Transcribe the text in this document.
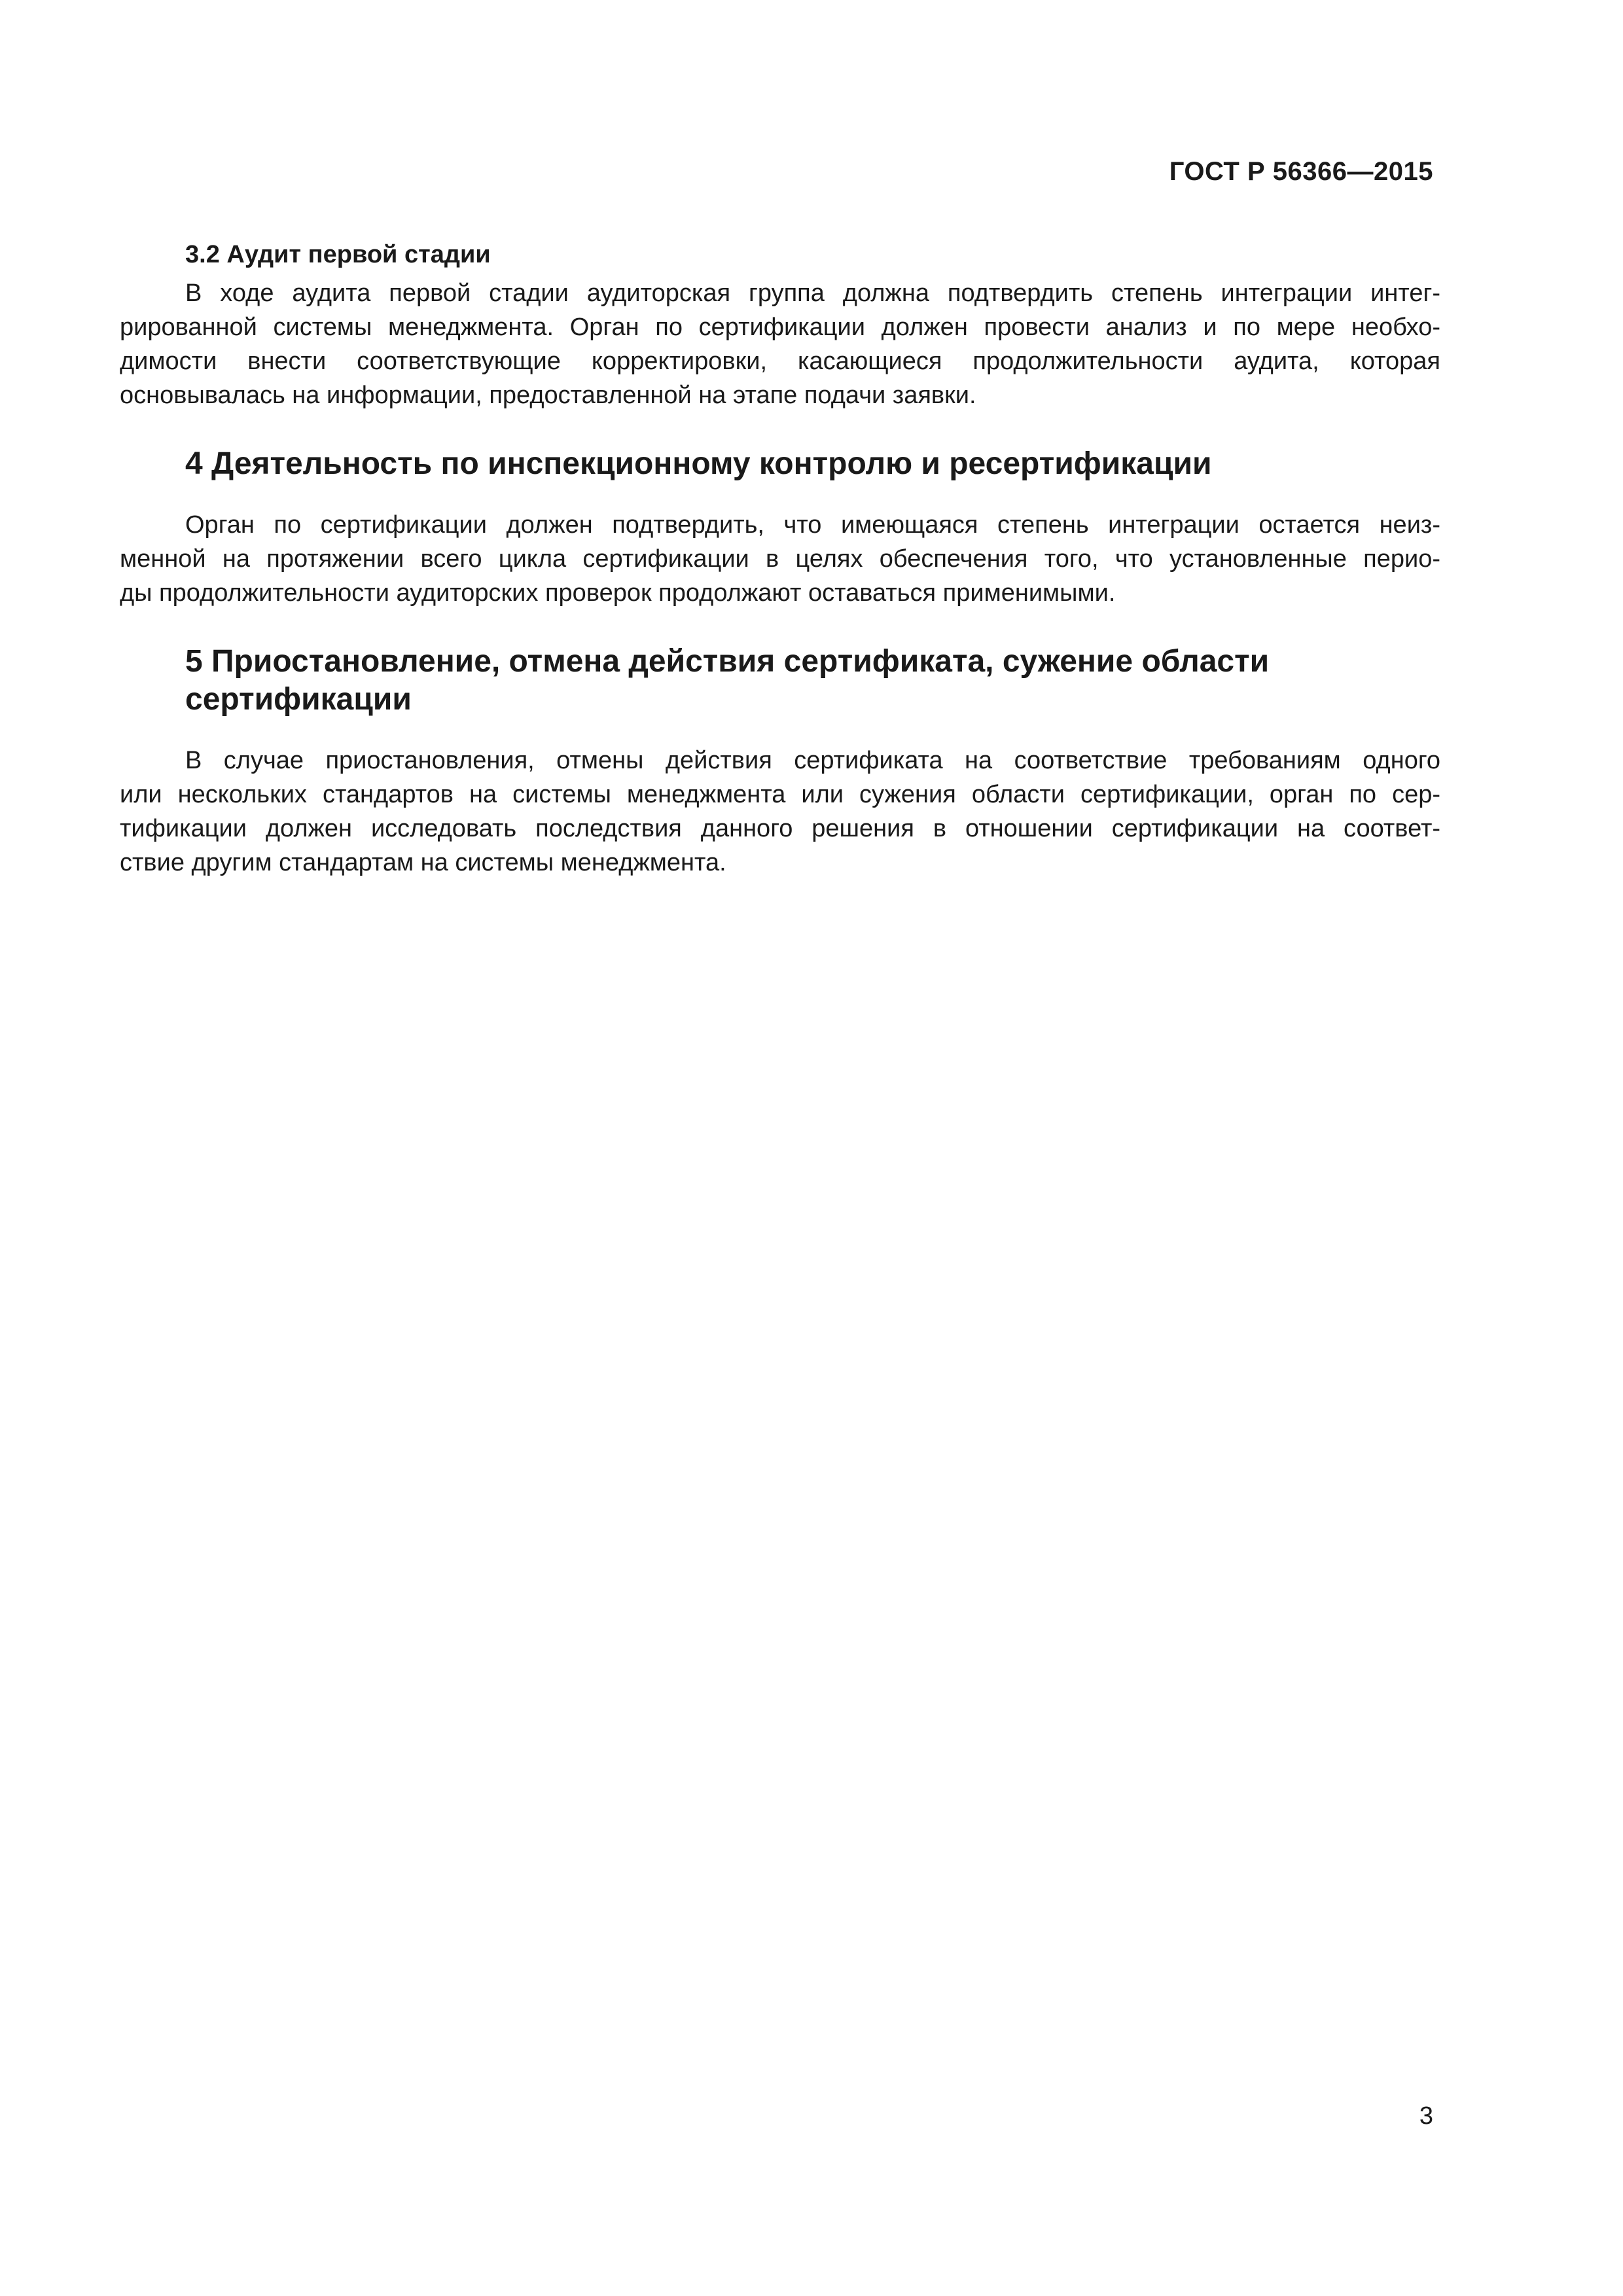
ГОСТ Р 56366—2015
3.2 Аудит первой стадии

В ходе аудита первой стадии аудиторская группа должна подтвердить степень интеграции интег-
рированной системы менеджмента. Орган по сертификации должен провести анализ и по мере необхо-
димости внести соответствующие корректировки, касающиеся продолжительности аудита, которая
основывалась на информации, предоставленной на этапе подачи заявки.

4 Деятельность по инспекционному контролю и ресертификации

Орган по сертификации должен подтвердить, что имеющаяся степень интеграции остается неиз-
менной на протяжении всего цикла сертификации в целях обеспечения того, что установленные перио-
ды продолжительности аудиторских проверок продолжают оставаться применимыми.

5 Приостановление, отмена действия сертификата, сужение области
сертификации

В случае приостановления, отмены действия сертификата на соответствие требованиям одного
или нескольких стандартов на системы менеджмента или сужения области сертификации, орган по сер-
тификации должен исследовать последствия данного решения в отношении сертификации на соответ-
ствие другим стандартам на системы менеджмента.

3
